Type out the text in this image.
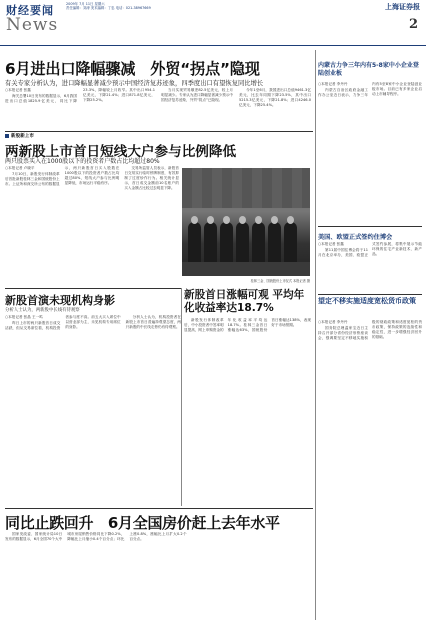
财经要闻	2009年 7月 11日 星期六
责任编辑：刘涛 美术编辑：丁忠 电话：021-38967669	上海证券报
News	2
6月进出口降幅骤减　外贸“拐点”隐现
有关专家分析认为，进口降幅显著减少预示中国经济复苏迹象，四季度出口有望恢复同比增长

○本报记者 张鑫

海关总署10日发布的数据显示，6月我国进出口总值1825.9亿美元，同比下降23.3%，降幅较上月收窄。其中出口954.1亿美元，下降21.4%；进口871.8亿美元，下降25.2%。

当月实现贸易顺差82.5亿美元，较上月明显减少。专家认为进口降幅显著减少预示中国经济复苏迹象，外贸“拐点”已隐现。

今年1至6月，我国进出口总值9461.3亿美元，比去年同期下降23.5%，其中出口5215.3亿美元，下降21.8%；进口4246.0亿美元，下降25.4%。

新股新上市
两新股上市首日短线大户参与比例降低
两只股票买入在1000股以下的投资者户数占比均超过80%

○本报记者 卢晓平

7月10日，新股发行体制改革后首批新股桂林三金和国统股份上市。上证所和深交所公布的数据显示，两只新股首日买入股数在1000股以下的投资者户数占比均超过80%，短线大户参与比例明显降低，市场运行平稳有序。

交易所监管人员表示，新股首日交易实行临时停牌制度，有效抑制了过度炒作行为。相关统计显示，首日成交金额前10名账户的买入金额占比较过去明显下降。

桂林三金、国统股份上市仪式 本报记者 摄
新股首日涨幅可观 平均年化收益率达18.7%

新股发行体制改革后，中小投资者中签率明显提高，网上申购资金的年化收益率平均达18.7%。桂林三金首日涨幅达63%，国统股份首日涨幅达138%，表现好于市场预期。

新股首演未现机构身影
分析人士认为，两新股中长线有待观察

○本报记者 张晶 王一鸣

昨日上市的两只新股首日成交活跃，但从交易席位看，机构投资者参与度不高。前五大买入席位中以营业部为主，未见机构专用席位的身影。

分析人士认为，机构投资者在新股上市首日普遍持观望态度，两只新股的中长线走势仍有待观察。

同比止跌回升　6月全国房价赶上去年水平

国家发改委、国家统计局10日发布的数据显示，6月全国70个大中城市房屋销售价格同比下降0.2%，降幅比上月缩小0.4个百分点；环比上涨0.8%，涨幅比上月扩大0.2个百分点。

内蒙古力争三年内有5-8家中小企业登陆创业板

○本报记者 李丹丹

内蒙古自治区政府金融工作办公室近日表示，力争三年内有5至8家中小企业登陆创业板市场。目前已有多家企业启动上市辅导程序。

美国、欧盟正式签约住博会

○本报记者 张鑫

第11届中国住博会将于11月在北京举办，美国、欧盟正式签约参展，将集中展示节能环保的住宅产业新技术、新产品。

望定不移实施适度宽松货币政策

○本报记者 李丹丹

国务院总理温家宝近日主持召开部分省份经济形势座谈会，强调要坚定不移地实施积极的财政政策和适度宽松的货币政策，保持政策的连续性和稳定性，进一步增强经济回升的基础。
